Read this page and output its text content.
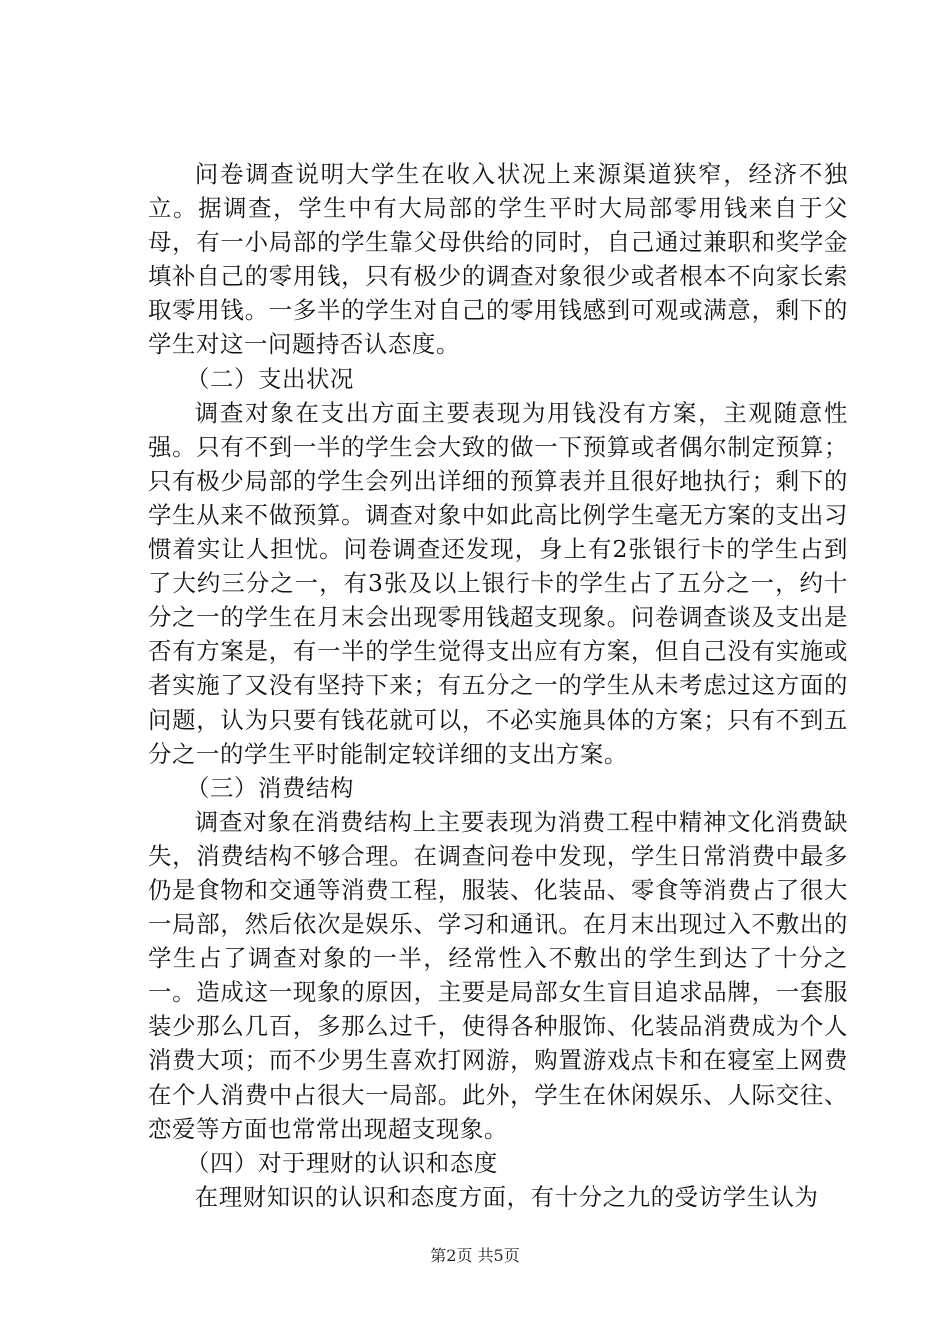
问卷调查说明大学生在收入状况上来源渠道狭窄，经济不独立。据调查，学生中有大局部的学生平时大局部零用钱来自于父母，有一小局部的学生靠父母供给的同时，自己通过兼职和奖学金填补自己的零用钱，只有极少的调查对象很少或者根本不向家长索取零用钱。一多半的学生对自己的零用钱感到可观或满意，剩下的学生对这一问题持否认态度。

（二）支出状况

调查对象在支出方面主要表现为用钱没有方案，主观随意性强。只有不到一半的学生会大致的做一下预算或者偶尔制定预算；只有极少局部的学生会列出详细的预算表并且很好地执行；剩下的学生从来不做预算。调查对象中如此高比例学生毫无方案的支出习惯着实让人担忧。问卷调查还发现，身上有2张银行卡的学生占到了大约三分之一，有3张及以上银行卡的学生占了五分之一，约十分之一的学生在月末会出现零用钱超支现象。问卷调查谈及支出是否有方案是，有一半的学生觉得支出应有方案，但自己没有实施或者实施了又没有坚持下来；有五分之一的学生从未考虑过这方面的问题，认为只要有钱花就可以，不必实施具体的方案；只有不到五分之一的学生平时能制定较详细的支出方案。

（三）消费结构

调查对象在消费结构上主要表现为消费工程中精神文化消费缺失，消费结构不够合理。在调查问卷中发现，学生日常消费中最多仍是食物和交通等消费工程，服装、化装品、零食等消费占了很大一局部，然后依次是娱乐、学习和通讯。在月末出现过入不敷出的学生占了调查对象的一半，经常性入不敷出的学生到达了十分之一。造成这一现象的原因，主要是局部女生盲目追求品牌，一套服装少那么几百，多那么过千，使得各种服饰、化装品消费成为个人消费大项；而不少男生喜欢打网游，购置游戏点卡和在寝室上网费在个人消费中占很大一局部。此外，学生在休闲娱乐、人际交往、恋爱等方面也常常出现超支现象。

（四）对于理财的认识和态度

在理财知识的认识和态度方面，有十分之九的受访学生认为

第2页 共5页
